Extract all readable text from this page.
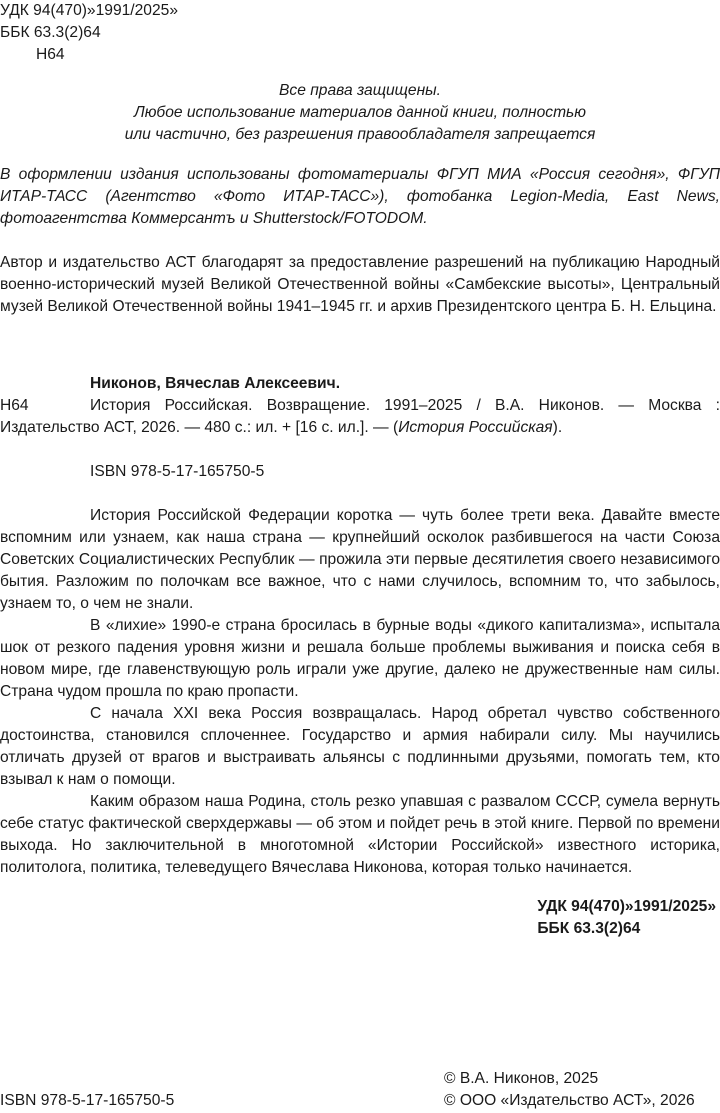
УДК 94(470)»1991/2025»
ББК 63.3(2)64
Н64
Все права защищены.
Любое использование материалов данной книги, полностью
или частично, без разрешения правообладателя запрещается
В оформлении издания использованы фотоматериалы ФГУП МИА «Россия сегодня», ФГУП ИТАР-ТАСС (Агентство «Фото ИТАР-ТАСС»), фотобанка Legion-Media, East News, фотоагентства Коммерсантъ и Shutterstock/FOTODOM.
Автор и издательство АСТ благодарят за предоставление разрешений на публикацию Народный военно-исторический музей Великой Отечественной войны «Самбекские высоты», Центральный музей Великой Отечественной войны 1941–1945 гг. и архив Президентского центра Б. Н. Ельцина.
Никонов, Вячеслав Алексеевич.
Н64	История Российская. Возвращение. 1991–2025 / В.А. Никонов. — Москва : Издательство АСТ, 2026. — 480 с.: ил. + [16 с. ил.]. — (История Российская).
ISBN 978-5-17-165750-5

История Российской Федерации коротка — чуть более трети века. Давайте вместе вспомним или узнаем, как наша страна — крупнейший осколок разбившегося на части Союза Советских Социалистических Республик — прожила эти первые десятилетия своего независимого бытия. Разложим по полочкам все важное, что с нами случилось, вспомним то, что забылось, узнаем то, о чем не знали.

В «лихие» 1990-е страна бросилась в бурные воды «дикого капитализма», испытала шок от резкого падения уровня жизни и решала больше проблемы выживания и поиска себя в новом мире, где главенствующую роль играли уже другие, далеко не дружественные нам силы. Страна чудом прошла по краю пропасти.

С начала XXI века Россия возвращалась. Народ обретал чувство собственного достоинства, становился сплоченнее. Государство и армия набирали силу. Мы научились отличать друзей от врагов и выстраивать альянсы с подлинными друзьями, помогать тем, кто взывал к нам о помощи.

Каким образом наша Родина, столь резко упавшая с развалом СССР, сумела вернуть себе статус фактической сверхдержавы — об этом и пойдет речь в этой книге. Первой по времени выхода. Но заключительной в многотомной «Истории Российской» известного историка, политолога, политика, телеведущего Вячеслава Никонова, которая только начинается.

УДК 94(470)»1991/2025»
ББК 63.3(2)64
ISBN 978-5-17-165750-5
© В.А. Никонов, 2025
© ООО «Издательство АСТ», 2026
